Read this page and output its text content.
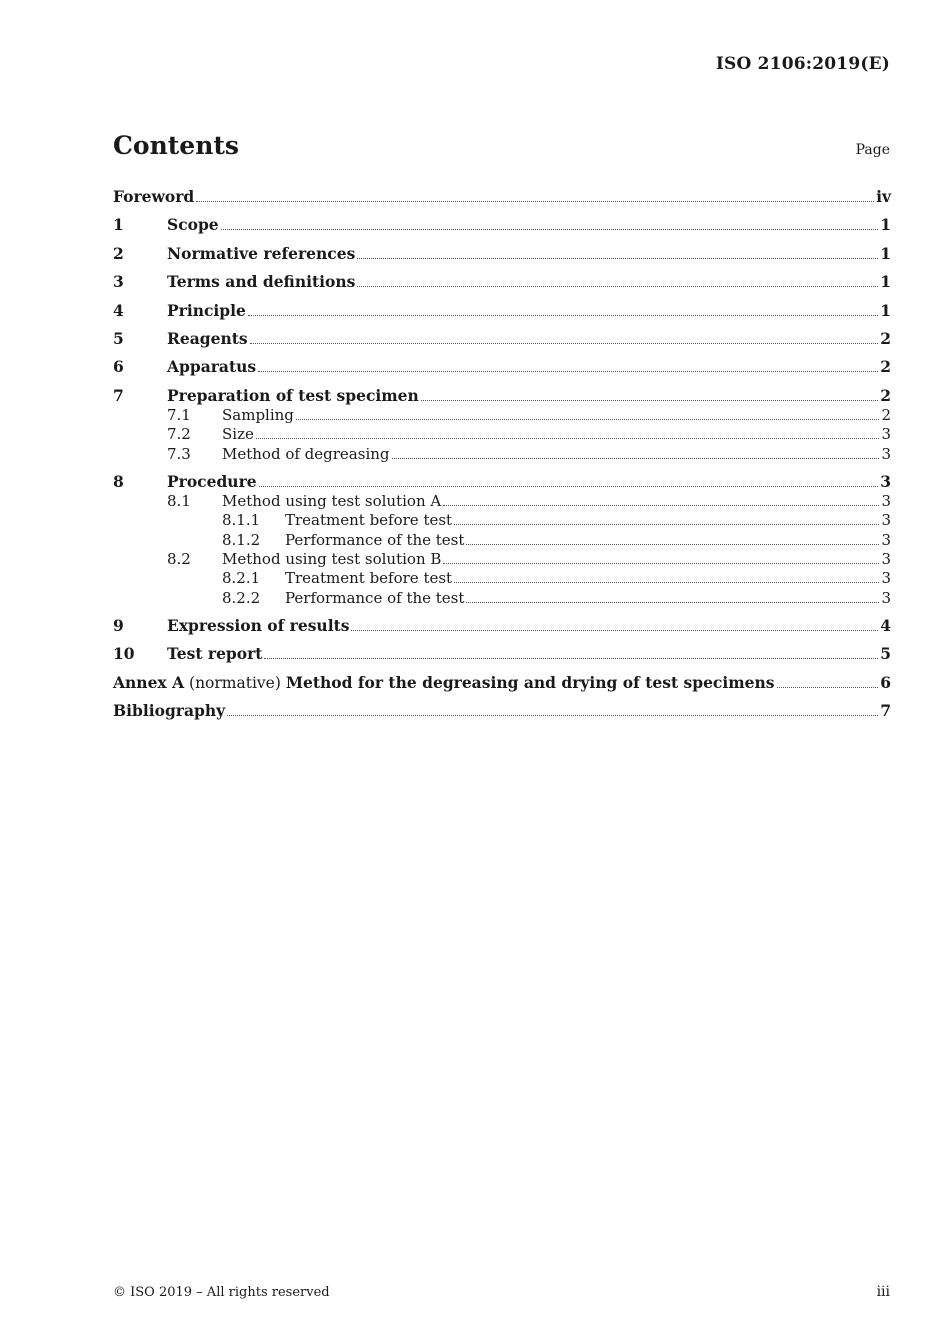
ISO 2106:2019(E)
Contents	Page
Foreword	iv
1	Scope	1
2	Normative references	1
3	Terms and definitions	1
4	Principle	1
5	Reagents	2
6	Apparatus	2
7	Preparation of test specimen	2
7.1	Sampling	2
7.2	Size	3
7.3	Method of degreasing	3
8	Procedure	3
8.1	Method using test solution A	3
8.1.1	Treatment before test	3
8.1.2	Performance of the test	3
8.2	Method using test solution B	3
8.2.1	Treatment before test	3
8.2.2	Performance of the test	3
9	Expression of results	4
10	Test report	5
Annex A
(normative)
Method for the degreasing and drying of test specimens	6
Bibliography	7
© ISO 2019 – All rights reserved	iii
